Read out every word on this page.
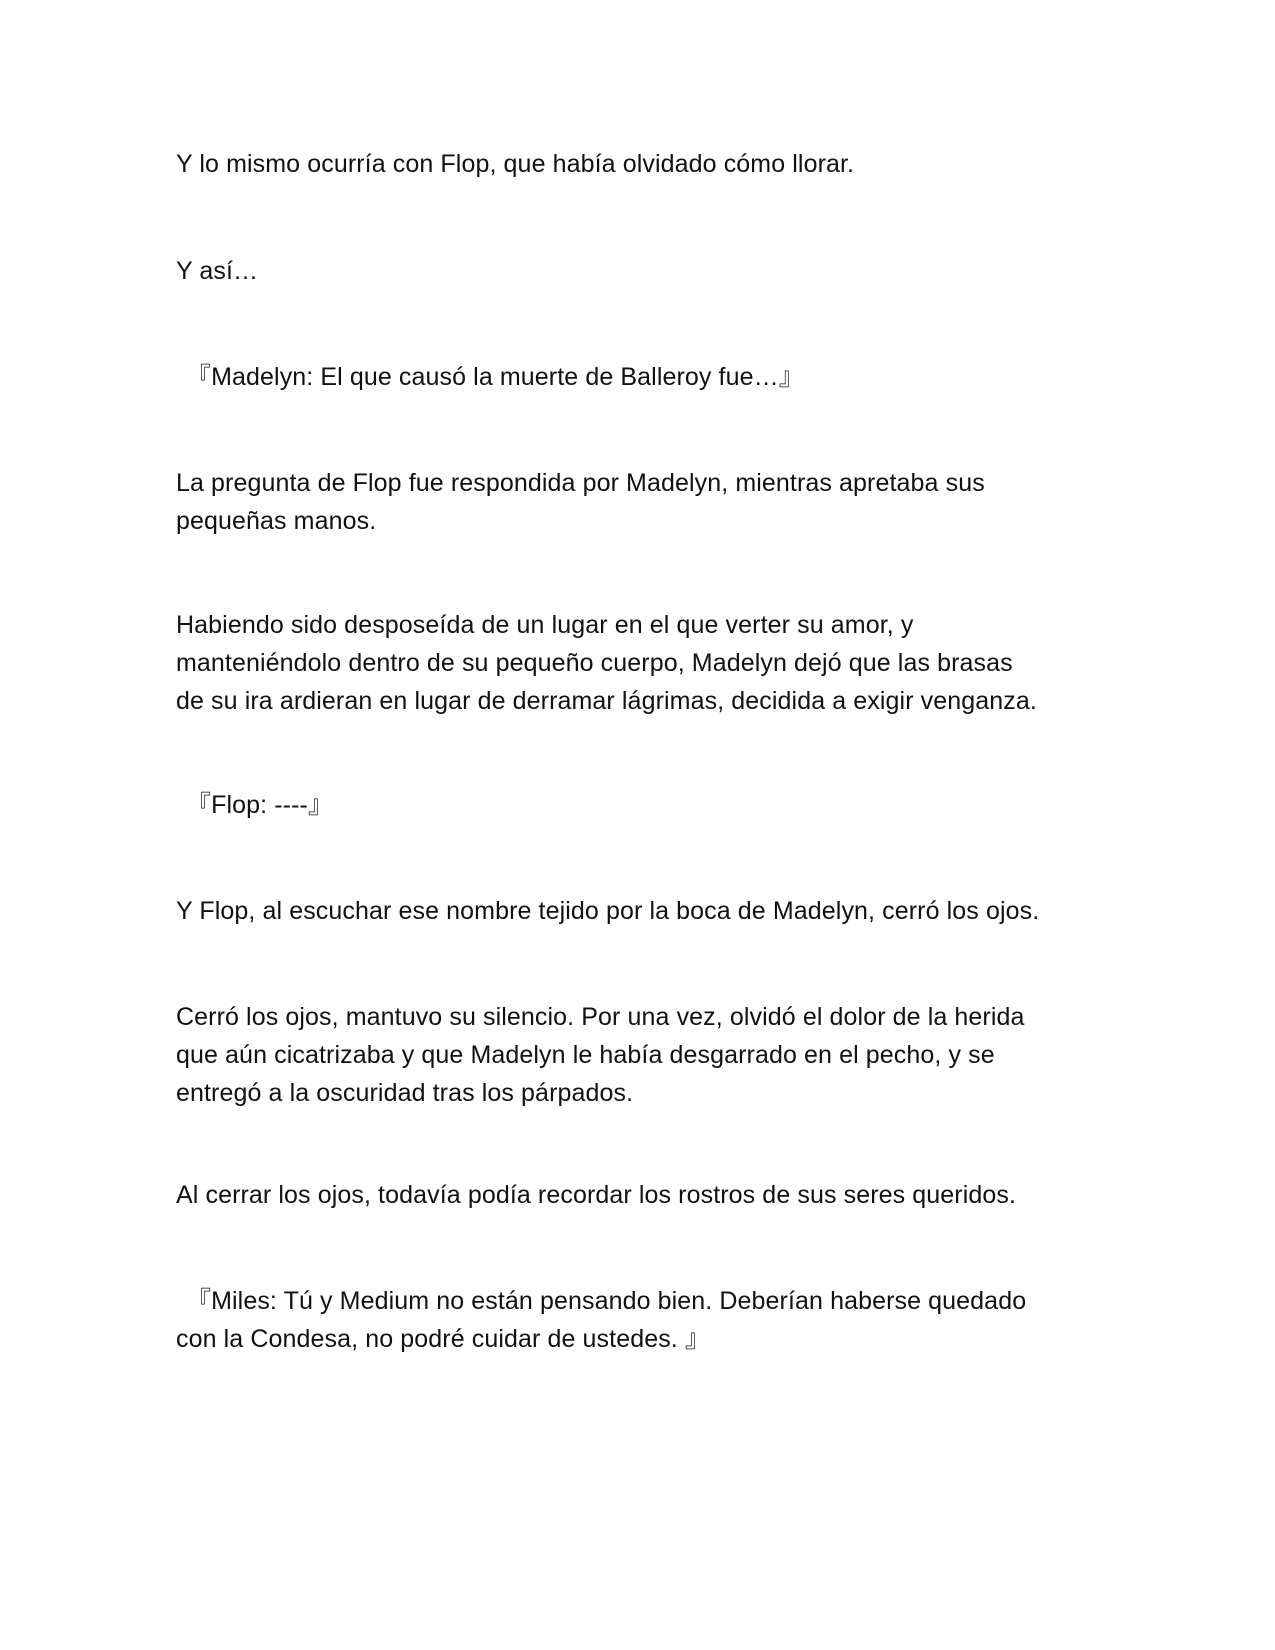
Y lo mismo ocurría con Flop, que había olvidado cómo llorar.

Y así…

『Madelyn: El que causó la muerte de Balleroy fue…』

La pregunta de Flop fue respondida por Madelyn, mientras apretaba sus
pequeñas manos.

Habiendo sido desposeída de un lugar en el que verter su amor, y
manteniéndolo dentro de su pequeño cuerpo, Madelyn dejó que las brasas
de su ira ardieran en lugar de derramar lágrimas, decidida a exigir venganza.

『Flop: ----』

Y Flop, al escuchar ese nombre tejido por la boca de Madelyn, cerró los ojos.

Cerró los ojos, mantuvo su silencio. Por una vez, olvidó el dolor de la herida
que aún cicatrizaba y que Madelyn le había desgarrado en el pecho, y se
entregó a la oscuridad tras los párpados.

Al cerrar los ojos, todavía podía recordar los rostros de sus seres queridos.

『Miles: Tú y Medium no están pensando bien. Deberían haberse quedado
con la Condesa, no podré cuidar de ustedes. 』
